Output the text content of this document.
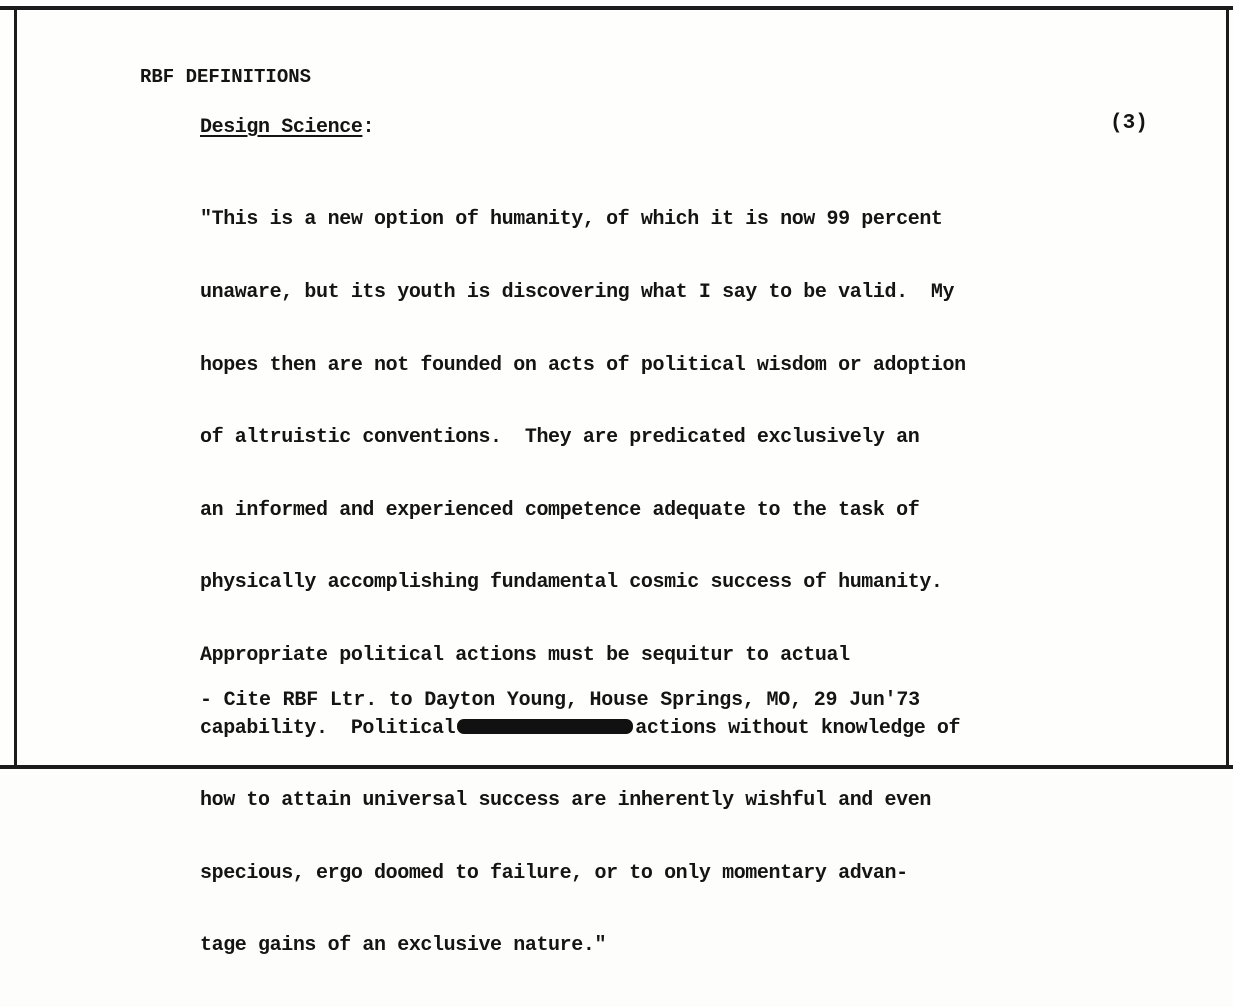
RBF DEFINITIONS
Design Science:	(3)

"This is a new option of humanity, of which it is now 99 percent

unaware, but its youth is discovering what I say to be valid.  My

hopes then are not founded on acts of political wisdom or adoption

of altruistic conventions.  They are predicated exclusively an

an informed and experienced competence adequate to the task of

physically accomplishing fundamental cosmic success of humanity.

Appropriate political actions must be sequitur to actual

capability.  Political	actions without knowledge of

how to attain universal success are inherently wishful and even

specious, ergo doomed to failure, or to only momentary advan-

tage gains of an exclusive nature."

- Cite RBF Ltr. to Dayton Young, House Springs, MO, 29 Jun'73
